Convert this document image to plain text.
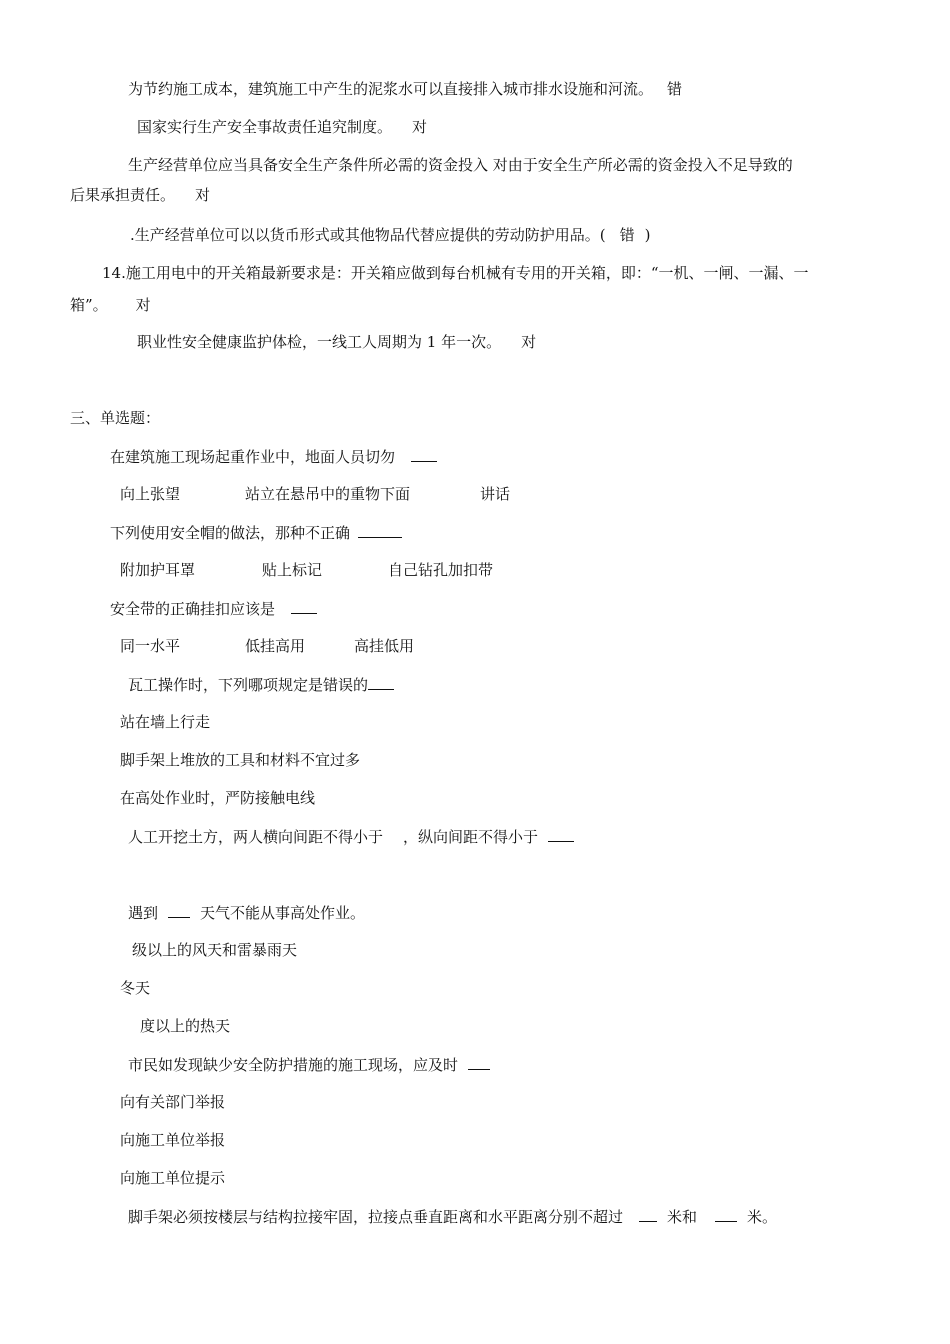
为节约施工成本，建筑施工中产生的泥浆水可以直接排入城市排水设施和河流。 错
国家实行生产安全事故责任追究制度。 对
生产经营单位应当具备安全生产条件所必需的资金投入 对由于安全生产所必需的资金投入不足导致的
后果承担责任。 对
.生产经营单位可以以货币形式或其他物品代替应提供的劳动防护用品。( 错 )
14.施工用电中的开关箱最新要求是：开关箱应做到每台机械有专用的开关箱，即：“一机、一闸、一漏、一
箱”。 对
职业性安全健康监护体检，一线工人周期为 1 年一次。 对
三、单选题：
在建筑施工现场起重作业中，地面人员切勿
向上张望	站立在悬吊中的重物下面	讲话
下列使用安全帽的做法，那种不正确
附加护耳罩	贴上标记	自己钻孔加扣带
安全带的正确挂扣应该是
同一水平	低挂高用	高挂低用
瓦工操作时，下列哪项规定是错误的
站在墙上行走
脚手架上堆放的工具和材料不宜过多
在高处作业时，严防接触电线
人工开挖土方，两人横向间距不得小于 ，纵向间距不得小于
遇到	天气不能从事高处作业。
级以上的风天和雷暴雨天
冬天
度以上的热天
市民如发现缺少安全防护措施的施工现场，应及时
向有关部门举报
向施工单位举报
向施工单位提示
脚手架必须按楼层与结构拉接牢固，拉接点垂直距离和水平距离分别不超过	米和	米。
